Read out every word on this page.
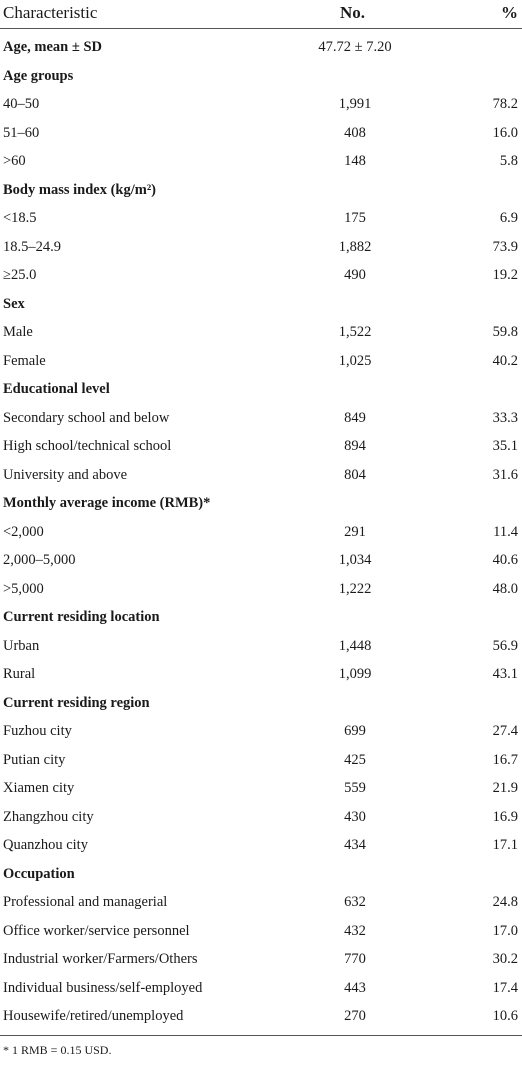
Characteristic	No.	%
Age, mean ± SD	47.72 ± 7.20
Age groups
40–50	1,991	78.2
51–60	408	16.0
>60	148	5.8
Body mass index (kg/m²)
<18.5	175	6.9
18.5–24.9	1,882	73.9
≥25.0	490	19.2
Sex
Male	1,522	59.8
Female	1,025	40.2
Educational level
Secondary school and below	849	33.3
High school/technical school	894	35.1
University and above	804	31.6
Monthly average income (RMB)*
<2,000	291	11.4
2,000–5,000	1,034	40.6
>5,000	1,222	48.0
Current residing location
Urban	1,448	56.9
Rural	1,099	43.1
Current residing region
Fuzhou city	699	27.4
Putian city	425	16.7
Xiamen city	559	21.9
Zhangzhou city	430	16.9
Quanzhou city	434	17.1
Occupation
Professional and managerial	632	24.8
Office worker/service personnel	432	17.0
Industrial worker/Farmers/Others	770	30.2
Individual business/self-employed	443	17.4
Housewife/retired/unemployed	270	10.6
* 1 RMB = 0.15 USD.
